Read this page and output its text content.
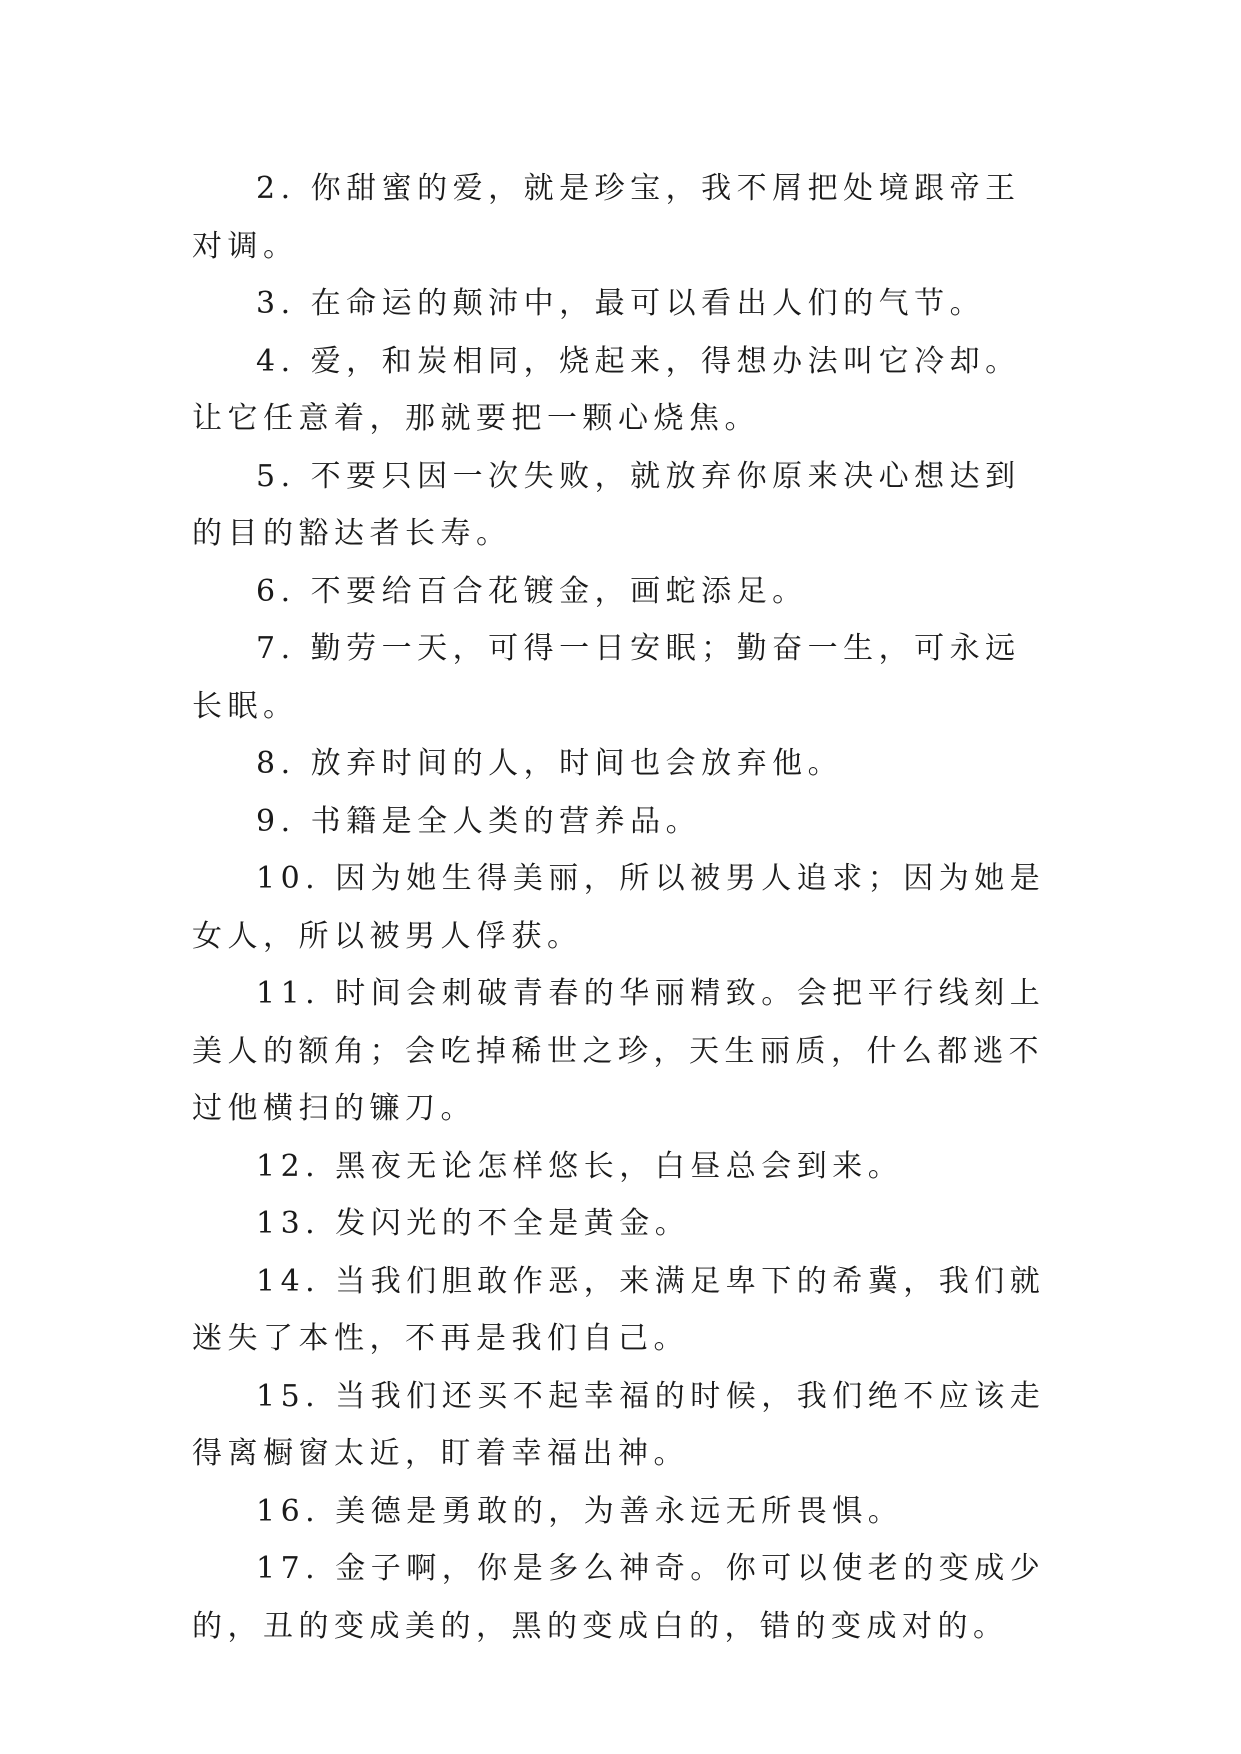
2. 你甜蜜的爱，就是珍宝，我不屑把处境跟帝王对调。

3. 在命运的颠沛中，最可以看出人们的气节。

4. 爱，和炭相同，烧起来，得想办法叫它冷却。让它任意着，那就要把一颗心烧焦。

5. 不要只因一次失败，就放弃你原来决心想达到的目的豁达者长寿。

6. 不要给百合花镀金，画蛇添足。

7. 勤劳一天，可得一日安眠；勤奋一生，可永远长眠。

8. 放弃时间的人，时间也会放弃他。

9. 书籍是全人类的营养品。

10. 因为她生得美丽，所以被男人追求；因为她是女人，所以被男人俘获。

11. 时间会刺破青春的华丽精致。会把平行线刻上美人的额角；会吃掉稀世之珍，天生丽质，什么都逃不过他横扫的镰刀。

12. 黑夜无论怎样悠长，白昼总会到来。

13. 发闪光的不全是黄金。

14. 当我们胆敢作恶，来满足卑下的希冀，我们就迷失了本性，不再是我们自己。

15. 当我们还买不起幸福的时候，我们绝不应该走得离橱窗太近，盯着幸福出神。

16. 美德是勇敢的，为善永远无所畏惧。

17. 金子啊，你是多么神奇。你可以使老的变成少的，丑的变成美的，黑的变成白的，错的变成对的。
